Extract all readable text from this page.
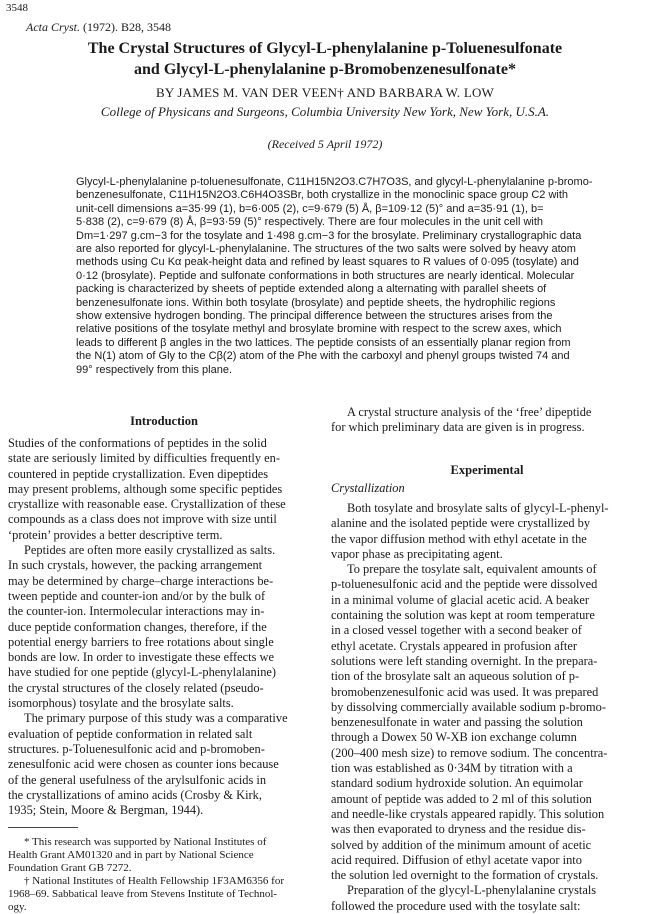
3548
Acta Cryst. (1972). B28, 3548
The Crystal Structures of Glycyl-L-phenylalanine p-Toluenesulfonate
and Glycyl-L-phenylalanine p-Bromobenzenesulfonate*
BY JAMES M. VAN DER VEEN† AND BARBARA W. LOW
College of Physicans and Surgeons, Columbia University New York, New York, U.S.A.
(Received 5 April 1972)
Glycyl-L-phenylalanine p-toluenesulfonate, C11H15N2O3.C7H7O3S, and glycyl-L-phenylalanine p-bromo-
benzenesulfonate, C11H15N2O3.C6H4O3SBr, both crystallize in the monoclinic space group C2 with
unit-cell dimensions a=35·99 (1), b=6·005 (2), c=9·679 (5) Å, β=109·12 (5)° and a=35·91 (1), b=
5·838 (2), c=9·679 (8) Å, β=93·59 (5)° respectively. There are four molecules in the unit cell with
Dm=1·297 g.cm−3 for the tosylate and 1·498 g.cm−3 for the brosylate. Preliminary crystallographic data
are also reported for glycyl-L-phenylalanine. The structures of the two salts were solved by heavy atom
methods using Cu Kα peak-height data and refined by least squares to R values of 0·095 (tosylate) and
0·12 (brosylate). Peptide and sulfonate conformations in both structures are nearly identical. Molecular
packing is characterized by sheets of peptide extended along a alternating with parallel sheets of
benzenesulfonate ions. Within both tosylate (brosylate) and peptide sheets, the hydrophilic regions
show extensive hydrogen bonding. The principal difference between the structures arises from the
relative positions of the tosylate methyl and brosylate bromine with respect to the screw axes, which
leads to different β angles in the two lattices. The peptide consists of an essentially planar region from
the N(1) atom of Gly to the Cβ(2) atom of the Phe with the carboxyl and phenyl groups twisted 74 and
99° respectively from this plane.
Introduction
Studies of the conformations of peptides in the solid
state are seriously limited by difficulties frequently en-
countered in peptide crystallization. Even dipeptides
may present problems, although some specific peptides
crystallize with reasonable ease. Crystallization of these
compounds as a class does not improve with size until
‘protein’ provides a better descriptive term.
Peptides are often more easily crystallized as salts.
In such crystals, however, the packing arrangement
may be determined by charge–charge interactions be-
tween peptide and counter-ion and/or by the bulk of
the counter-ion. Intermolecular interactions may in-
duce peptide conformation changes, therefore, if the
potential energy barriers to free rotations about single
bonds are low. In order to investigate these effects we
have studied for one peptide (glycyl-L-phenylalanine)
the crystal structures of the closely related (pseudo-
isomorphous) tosylate and the brosylate salts.
The primary purpose of this study was a comparative
evaluation of peptide conformation in related salt
structures. p-Toluenesulfonic acid and p-bromoben-
zenesulfonic acid were chosen as counter ions because
of the general usefulness of the arylsulfonic acids in
the crystallizations of amino acids (Crosby & Kirk,
1935; Stein, Moore & Bergman, 1944).
* This research was supported by National Institutes of
Health Grant AM01320 and in part by National Science
Foundation Grant GB 7272.
† National Institutes of Health Fellowship 1F3AM6356 for
1968–69. Sabbatical leave from Stevens Institute of Technol-
ogy.
A crystal structure analysis of the ‘free’ dipeptide
for which preliminary data are given is in progress.
Experimental
Crystallization
Both tosylate and brosylate salts of glycyl-L-phenyl-
alanine and the isolated peptide were crystallized by
the vapor diffusion method with ethyl acetate in the
vapor phase as precipitating agent.
To prepare the tosylate salt, equivalent amounts of
p-toluenesulfonic acid and the peptide were dissolved
in a minimal volume of glacial acetic acid. A beaker
containing the solution was kept at room temperature
in a closed vessel together with a second beaker of
ethyl acetate. Crystals appeared in profusion after
solutions were left standing overnight. In the prepara-
tion of the brosylate salt an aqueous solution of p-
bromobenzenesulfonic acid was used. It was prepared
by dissolving commercially available sodium p-bromo-
benzenesulfonate in water and passing the solution
through a Dowex 50 W-XB ion exchange column
(200–400 mesh size) to remove sodium. The concentra-
tion was established as 0·34M by titration with a
standard sodium hydroxide solution. An equimolar
amount of peptide was added to 2 ml of this solution
and needle-like crystals appeared rapidly. This solution
was then evaporated to dryness and the residue dis-
solved by addition of the minimum amount of acetic
acid required. Diffusion of ethyl acetate vapor into
the solution led overnight to the formation of crystals.
Preparation of the glycyl-L-phenylalanine crystals
followed the procedure used with the tosylate salt:
